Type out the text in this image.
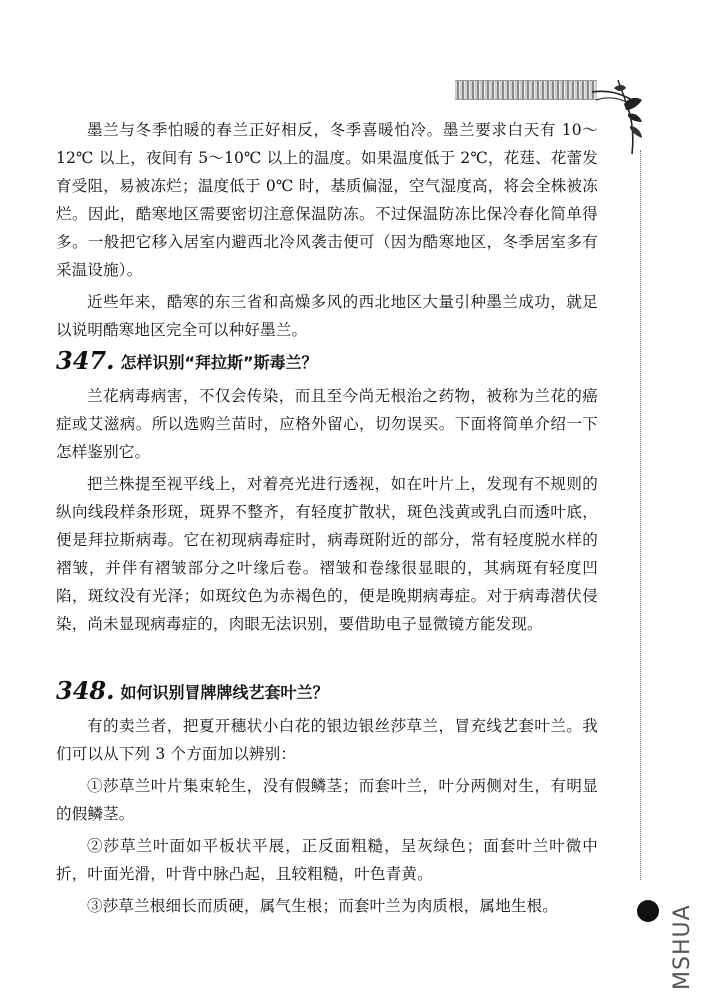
MSHUA

墨兰与冬季怕暖的春兰正好相反，冬季喜暖怕冷。墨兰要求白天有 10～12℃ 以上，夜间有 5～10℃ 以上的温度。如果温度低于 2℃，花莛、花蕾发育受阻，易被冻烂；温度低于 0℃ 时，基质偏湿，空气湿度高，将会全株被冻烂。因此，酷寒地区需要密切注意保温防冻。不过保温防冻比保冷春化简单得多。一般把它移入居室内避西北冷风袭击便可（因为酷寒地区，冬季居室多有采温设施）。

近些年来，酷寒的东三省和高燥多风的西北地区大量引种墨兰成功，就足以说明酷寒地区完全可以种好墨兰。

347. 怎样识别“拜拉斯”斯毒兰？

兰花病毒病害，不仅会传染，而且至今尚无根治之药物，被称为兰花的癌症或艾滋病。所以选购兰苗时，应格外留心，切勿误买。下面将简单介绍一下怎样鉴别它。

把兰株提至视平线上，对着亮光进行透视，如在叶片上，发现有不规则的纵向线段样条形斑，斑界不整齐，有轻度扩散状，斑色浅黄或乳白而透叶底，便是拜拉斯病毒。它在初现病毒症时，病毒斑附近的部分，常有轻度脱水样的褶皱，并伴有褶皱部分之叶缘后卷。褶皱和卷缘很显眼的，其病斑有轻度凹陷，斑纹没有光泽；如斑纹色为赤褐色的，便是晚期病毒症。对于病毒潜伏侵染，尚未显现病毒症的，肉眼无法识别，要借助电子显微镜方能发现。

348. 如何识别冒牌牌线艺套叶兰？

有的卖兰者，把夏开穗状小白花的银边银丝莎草兰，冒充线艺套叶兰。我们可以从下列 3 个方面加以辨别：

①莎草兰叶片集束轮生，没有假鳞茎；而套叶兰，叶分两侧对生，有明显的假鳞茎。

②莎草兰叶面如平板状平展，正反面粗糙，呈灰绿色；面套叶兰叶微中折，叶面光滑，叶背中脉凸起，且较粗糙，叶色青黄。

③莎草兰根细长而质硬，属气生根；而套叶兰为肉质根，属地生根。
